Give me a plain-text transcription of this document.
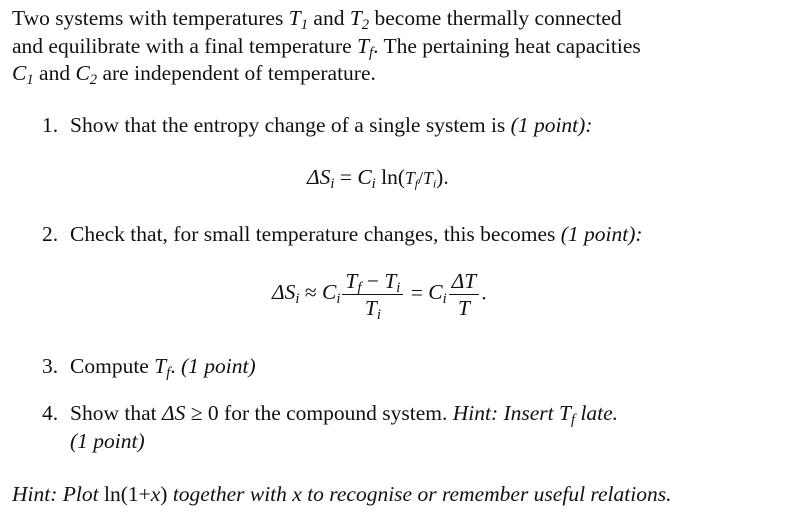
Two systems with temperatures $T_1$ and $T_2$ become thermally connected

and equilibrate with a final temperature $T_f$. The pertaining heat capacities

$C_1$ and $C_2$ are independent of temperature.

1. Show that the entropy change of a single system is (1 point):
$\Delta S_i = C_i$ $\ln(T_f/T_i)$.
2. Check that, for small temperature changes, this becomes (1 point):
$\Delta S_i \approx C_i \frac{T_f - T_i}{T_i} = C_i \frac{\Delta T}{T}$ .
3. Compute $T_f$. (1 point)
4. Show that ΔS ≥ 0 for the compound system. Hint: Insert $T_f$ late.
(1 point)
Hint: Plot ln(1+x) together with x to recognise or remember useful relations.
